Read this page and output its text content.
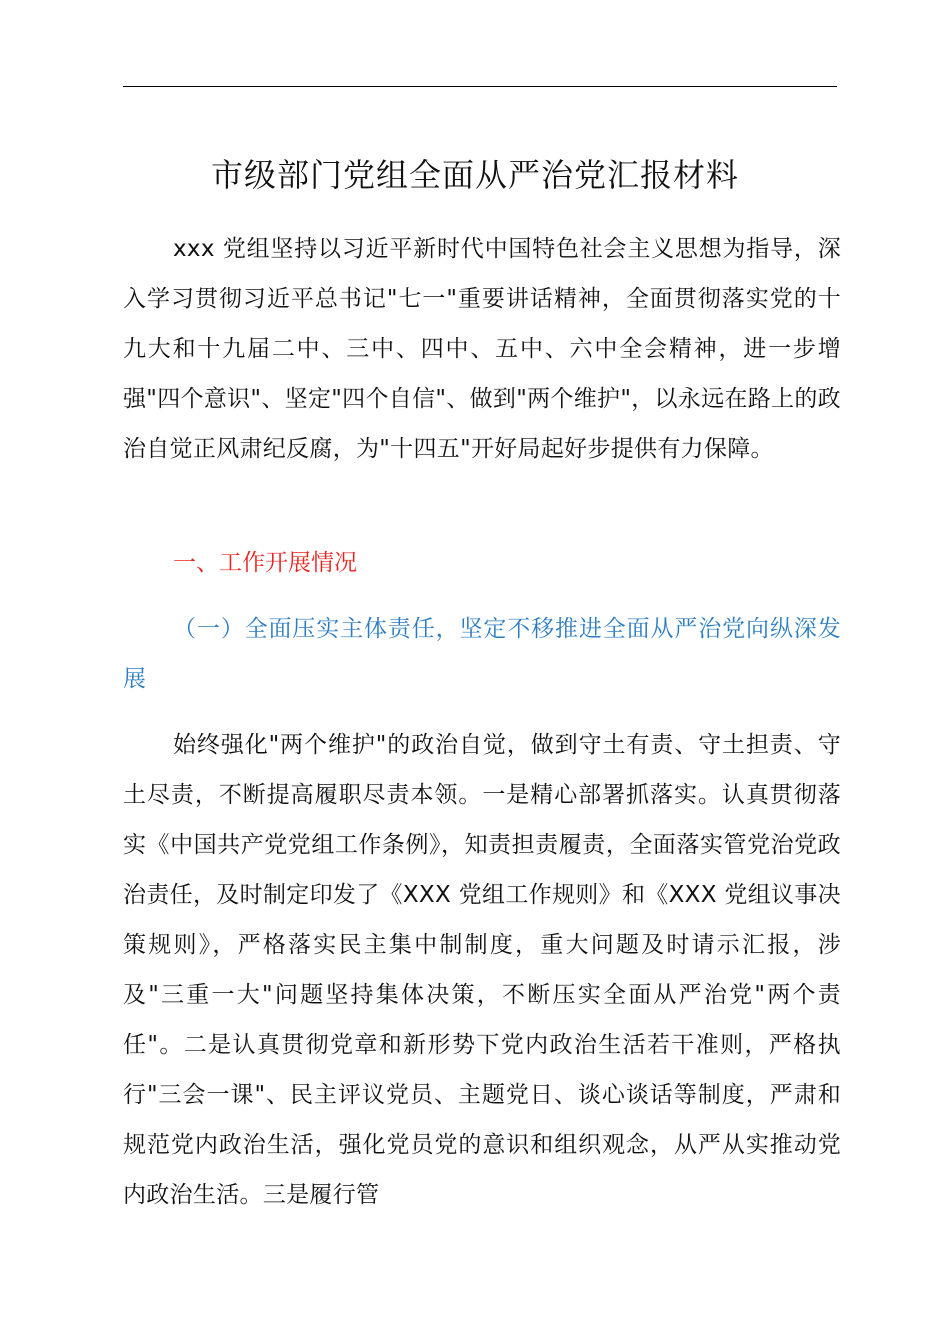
市级部门党组全面从严治党汇报材料

xxx 党组坚持以习近平新时代中国特色社会主义思想为指导，深入学习贯彻习近平总书记"七一"重要讲话精神，全面贯彻落实党的十九大和十九届二中、三中、四中、五中、六中全会精神，进一步增强"四个意识"、坚定"四个自信"、做到"两个维护"，以永远在路上的政治自觉正风肃纪反腐，为"十四五"开好局起好步提供有力保障。

一、工作开展情况

（一）全面压实主体责任，坚定不移推进全面从严治党向纵深发展

始终强化"两个维护"的政治自觉，做到守土有责、守土担责、守土尽责，不断提高履职尽责本领。一是精心部署抓落实。认真贯彻落实《中国共产党党组工作条例》，知责担责履责，全面落实管党治党政治责任，及时制定印发了《XXX 党组工作规则》和《XXX 党组议事决策规则》，严格落实民主集中制制度，重大问题及时请示汇报，涉及"三重一大"问题坚持集体决策，不断压实全面从严治党"两个责任"。二是认真贯彻党章和新形势下党内政治生活若干准则，严格执行"三会一课"、民主评议党员、主题党日、谈心谈话等制度，严肃和规范党内政治生活，强化党员党的意识和组织观念，从严从实推动党内政治生活。三是履行管
